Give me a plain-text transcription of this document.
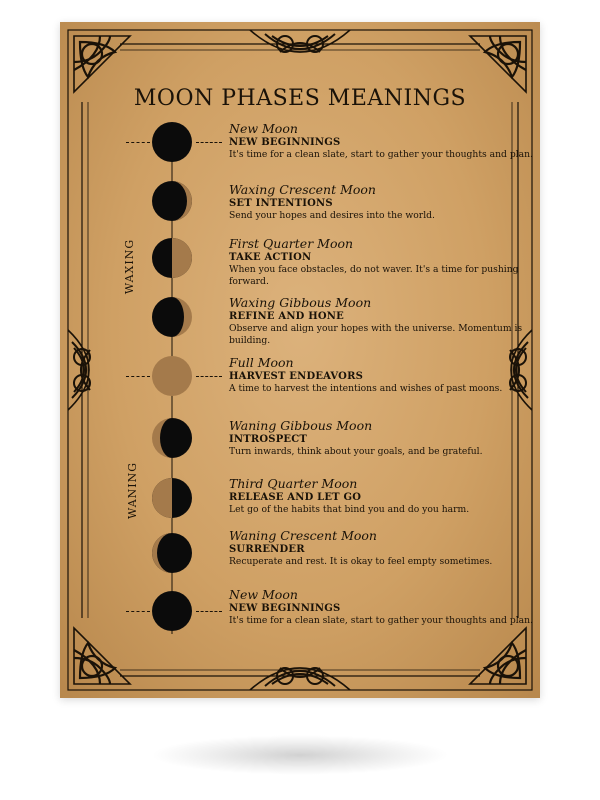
MOON PHASES MEANINGS
WAXING
WANING
New Moon
NEW BEGINNINGS
It's time for a clean slate, start to gather your thoughts and plan.
Waxing Crescent Moon
SET INTENTIONS
Send your hopes and desires into the world.
First Quarter Moon
TAKE ACTION
When you face obstacles, do not waver. It's a time for pushing forward.
Waxing Gibbous Moon
REFINE AND HONE
Observe and align your hopes with the universe. Momentum is building.
Full Moon
HARVEST ENDEAVORS
A time to harvest the intentions and wishes of past moons.
Waning Gibbous Moon
INTROSPECT
Turn inwards, think about your goals, and be grateful.
Third Quarter Moon
RELEASE AND LET GO
Let go of the habits that bind you and do you harm.
Waning Crescent Moon
SURRENDER
Recuperate and rest. It is okay to feel empty sometimes.
New Moon
NEW BEGINNINGS
It's time for a clean slate, start to gather your thoughts and plan.
